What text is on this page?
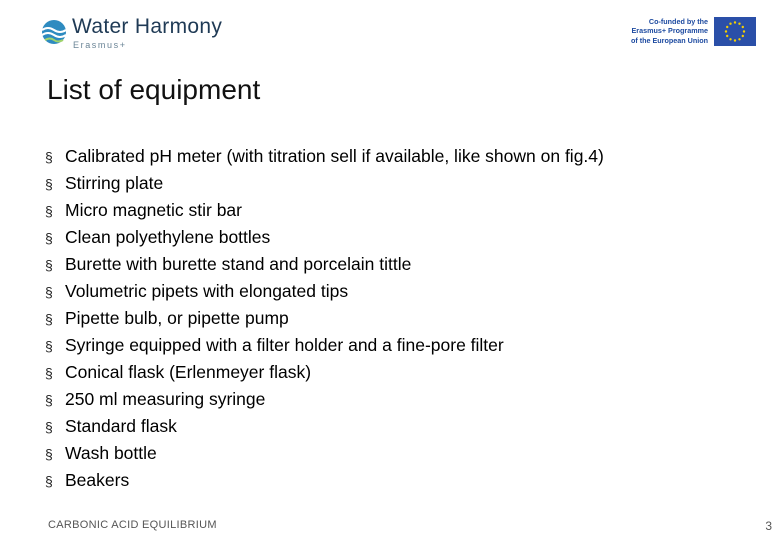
Water Harmony
Erasmus+
Co-funded by the
Erasmus+ Programme
of the European Union
List of equipment
§ Calibrated pH meter (with titration sell if available, like shown on fig.4)
§ Stirring plate
§ Micro magnetic stir bar
§ Clean polyethylene bottles
§ Burette with burette stand and porcelain tittle
§ Volumetric pipets with elongated tips
§ Pipette bulb, or pipette pump
§ Syringe equipped with a filter holder and a fine-pore filter
§ Conical flask (Erlenmeyer flask)
§ 250 ml measuring syringe
§ Standard flask
§ Wash bottle
§ Beakers
CARBONIC ACID EQUILIBRIUM	3
